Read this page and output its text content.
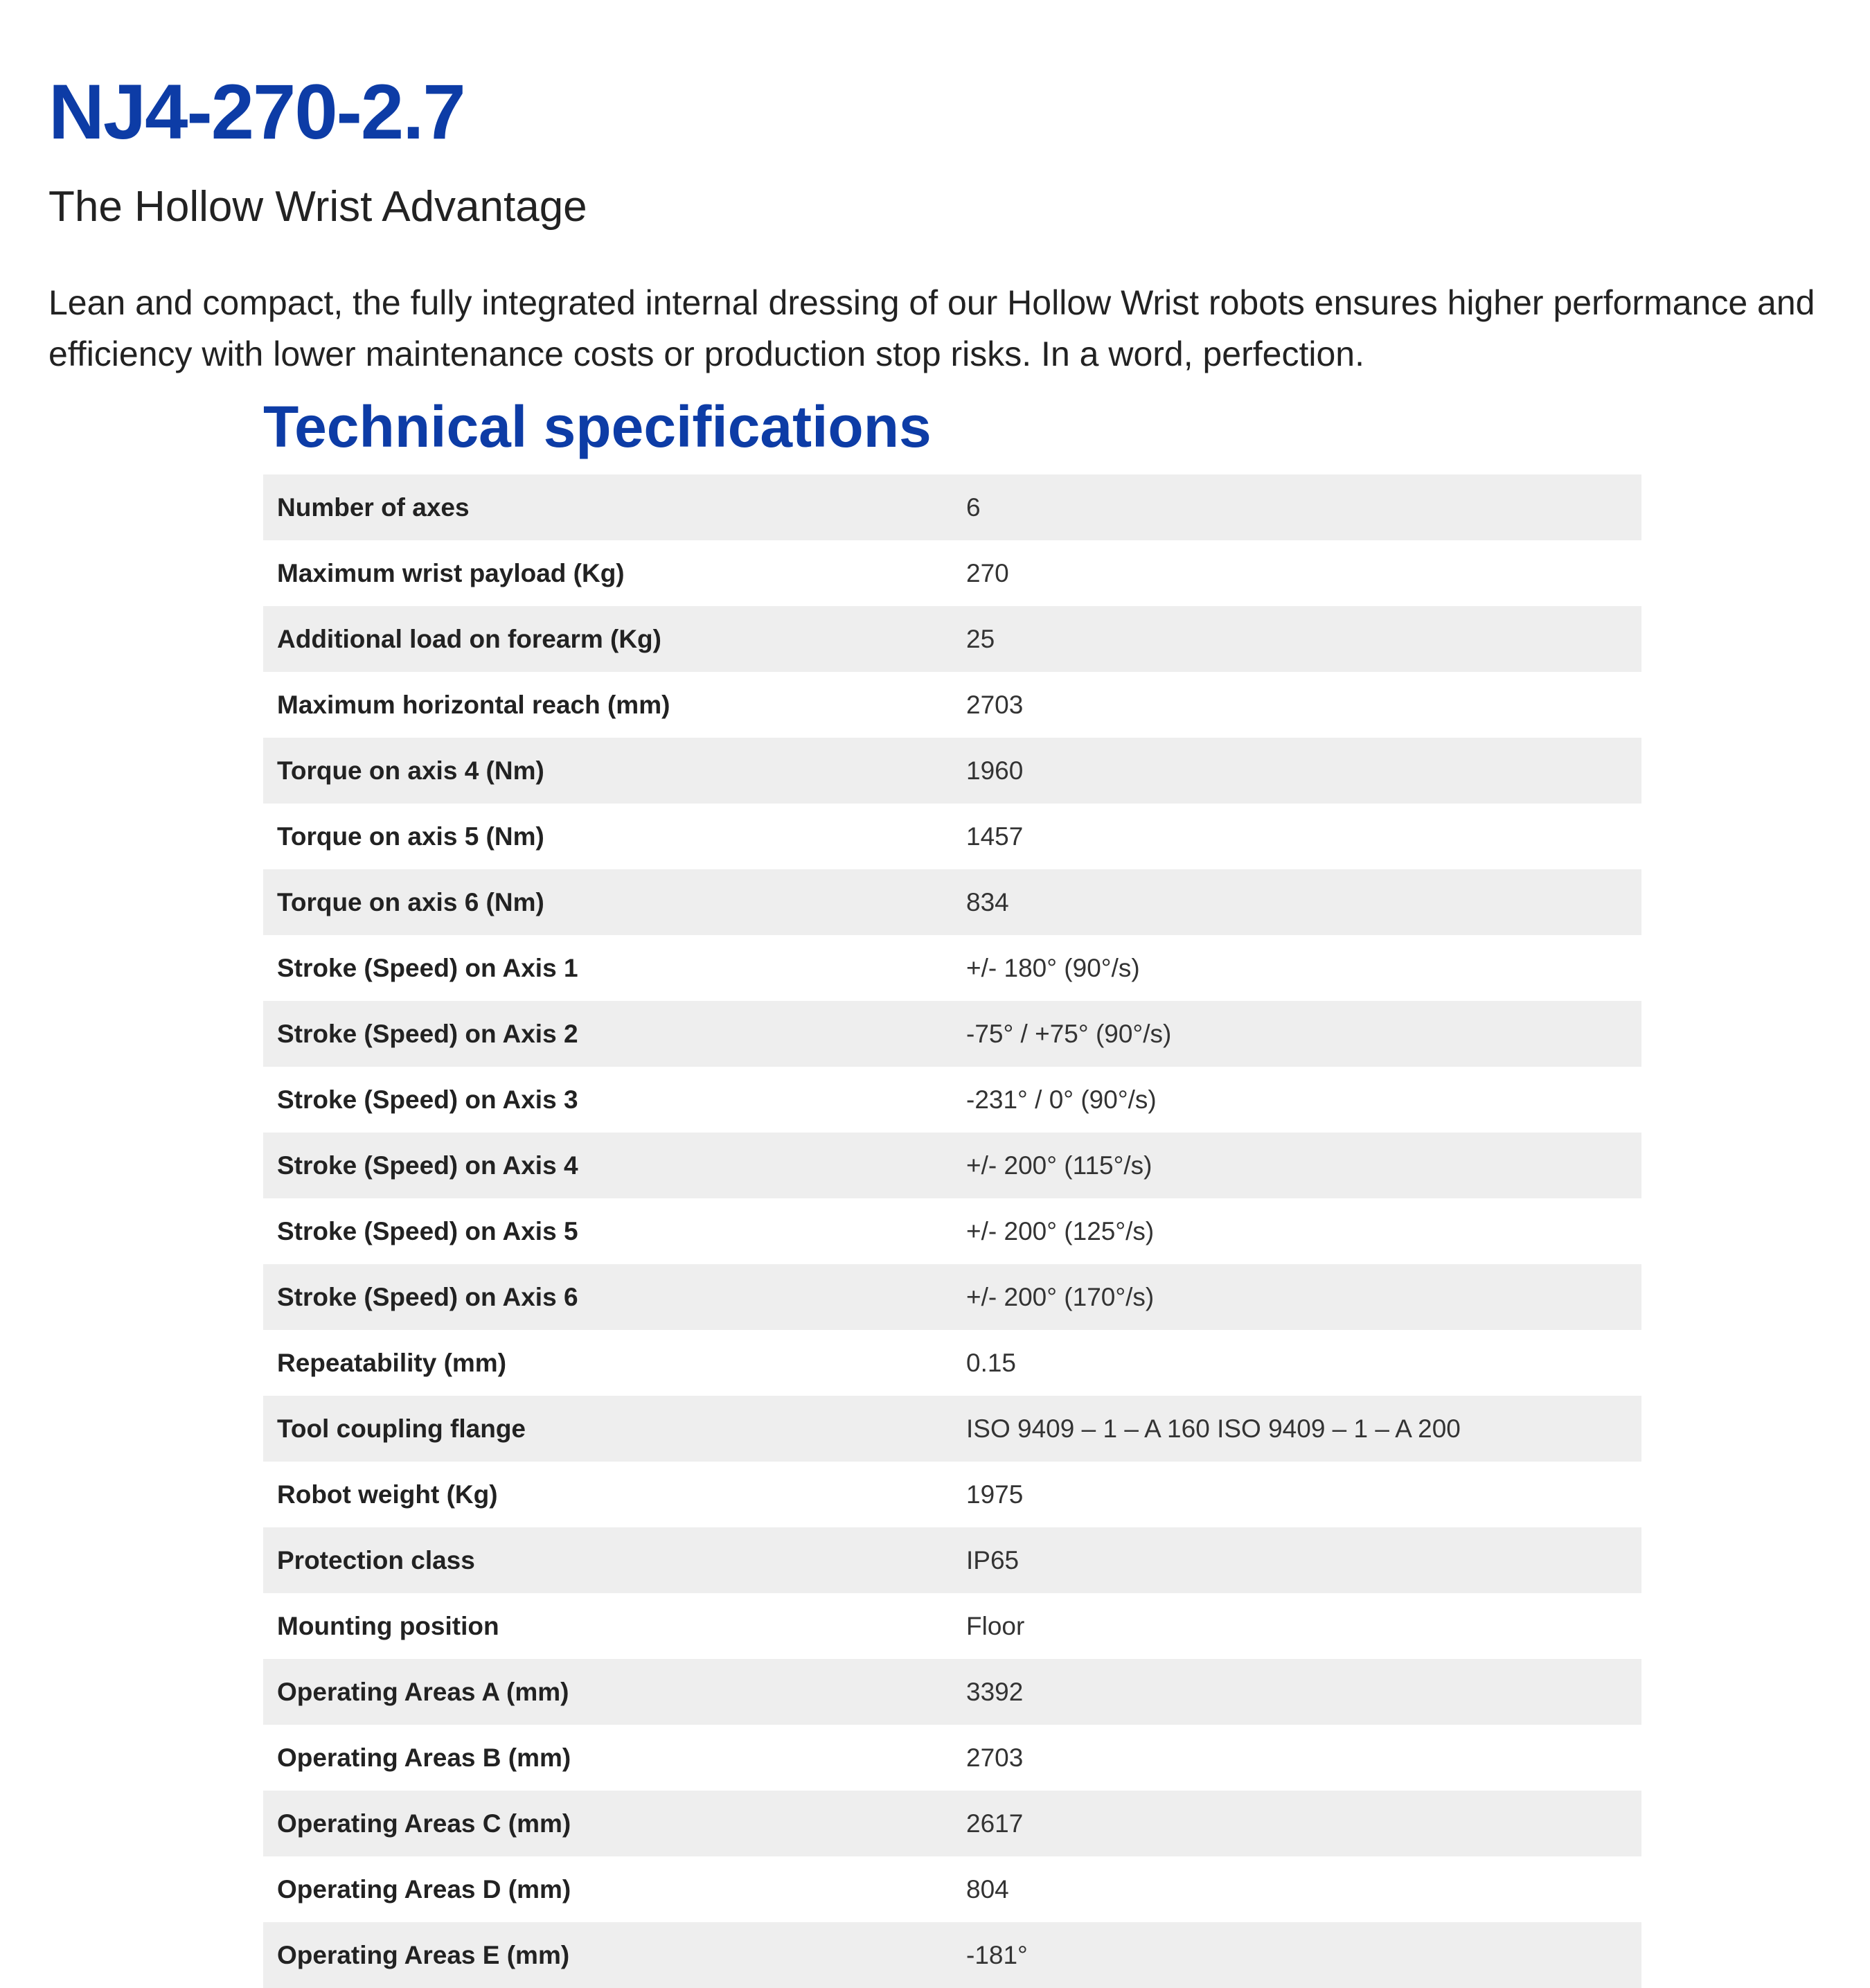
NJ4-270-2.7
The Hollow Wrist Advantage

Lean and compact, the fully integrated internal dressing of our Hollow Wrist robots ensures higher performance and efficiency with lower maintenance costs or production stop risks. In a word, perfection.

Technical specifications
Number of axes	6
Maximum wrist payload (Kg)	270
Additional load on forearm (Kg)	25
Maximum horizontal reach (mm)	2703
Torque on axis 4 (Nm)	1960
Torque on axis 5 (Nm)	1457
Torque on axis 6 (Nm)	834
Stroke (Speed) on Axis 1	+/- 180° (90°/s)
Stroke (Speed) on Axis 2	-75° / +75° (90°/s)
Stroke (Speed) on Axis 3	-231° / 0° (90°/s)
Stroke (Speed) on Axis 4	+/- 200° (115°/s)
Stroke (Speed) on Axis 5	+/- 200° (125°/s)
Stroke (Speed) on Axis 6	+/- 200° (170°/s)
Repeatability (mm)	0.15
Tool coupling flange	ISO 9409 – 1 – A 160 ISO 9409 – 1 – A 200
Robot weight (Kg)	1975
Protection class	IP65
Mounting position	Floor
Operating Areas A (mm)	3392
Operating Areas B (mm)	2703
Operating Areas C (mm)	2617
Operating Areas D (mm)	804
Operating Areas E (mm)	-181°
